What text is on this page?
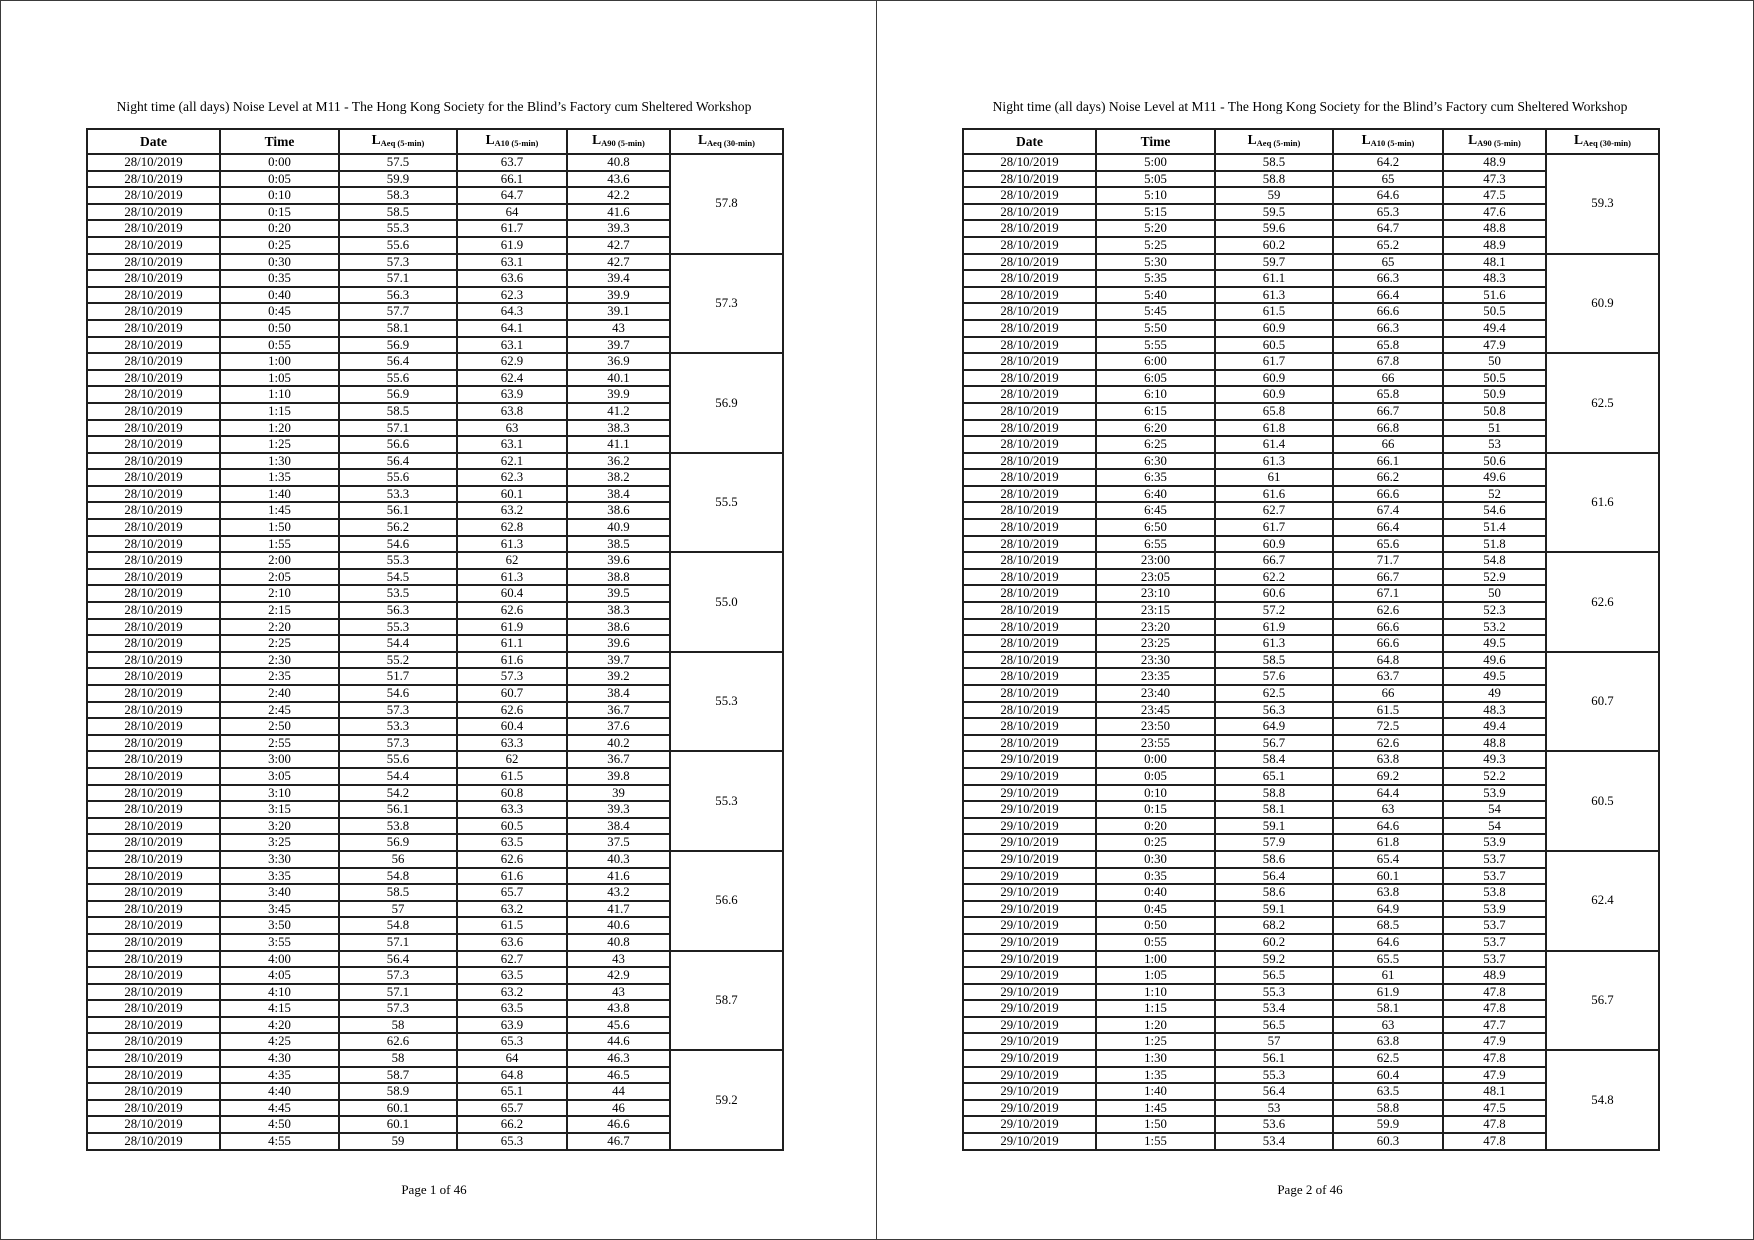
Night time (all days) Noise Level at M11 - The Hong Kong Society for the Blind’s Factory cum Sheltered Workshop
Date	Time	LAeq (5-min)	LA10 (5-min)	LA90 (5-min)	LAeq (30-min)
28/10/2019	0:00	57.5	63.7	40.8	57.8
28/10/2019	0:05	59.9	66.1	43.6	
28/10/2019	0:10	58.3	64.7	42.2	
28/10/2019	0:15	58.5	64	41.6	
28/10/2019	0:20	55.3	61.7	39.3	
28/10/2019	0:25	55.6	61.9	42.7	
28/10/2019	0:30	57.3	63.1	42.7	57.3
28/10/2019	0:35	57.1	63.6	39.4	
28/10/2019	0:40	56.3	62.3	39.9	
28/10/2019	0:45	57.7	64.3	39.1	
28/10/2019	0:50	58.1	64.1	43	
28/10/2019	0:55	56.9	63.1	39.7	
28/10/2019	1:00	56.4	62.9	36.9	56.9
28/10/2019	1:05	55.6	62.4	40.1	
28/10/2019	1:10	56.9	63.9	39.9	
28/10/2019	1:15	58.5	63.8	41.2	
28/10/2019	1:20	57.1	63	38.3	
28/10/2019	1:25	56.6	63.1	41.1	
28/10/2019	1:30	56.4	62.1	36.2	55.5
28/10/2019	1:35	55.6	62.3	38.2	
28/10/2019	1:40	53.3	60.1	38.4	
28/10/2019	1:45	56.1	63.2	38.6	
28/10/2019	1:50	56.2	62.8	40.9	
28/10/2019	1:55	54.6	61.3	38.5	
28/10/2019	2:00	55.3	62	39.6	55.0
28/10/2019	2:05	54.5	61.3	38.8	
28/10/2019	2:10	53.5	60.4	39.5	
28/10/2019	2:15	56.3	62.6	38.3	
28/10/2019	2:20	55.3	61.9	38.6	
28/10/2019	2:25	54.4	61.1	39.6	
28/10/2019	2:30	55.2	61.6	39.7	55.3
28/10/2019	2:35	51.7	57.3	39.2	
28/10/2019	2:40	54.6	60.7	38.4	
28/10/2019	2:45	57.3	62.6	36.7	
28/10/2019	2:50	53.3	60.4	37.6	
28/10/2019	2:55	57.3	63.3	40.2	
28/10/2019	3:00	55.6	62	36.7	55.3
28/10/2019	3:05	54.4	61.5	39.8	
28/10/2019	3:10	54.2	60.8	39	
28/10/2019	3:15	56.1	63.3	39.3	
28/10/2019	3:20	53.8	60.5	38.4	
28/10/2019	3:25	56.9	63.5	37.5	
28/10/2019	3:30	56	62.6	40.3	56.6
28/10/2019	3:35	54.8	61.6	41.6	
28/10/2019	3:40	58.5	65.7	43.2	
28/10/2019	3:45	57	63.2	41.7	
28/10/2019	3:50	54.8	61.5	40.6	
28/10/2019	3:55	57.1	63.6	40.8	
28/10/2019	4:00	56.4	62.7	43	58.7
28/10/2019	4:05	57.3	63.5	42.9	
28/10/2019	4:10	57.1	63.2	43	
28/10/2019	4:15	57.3	63.5	43.8	
28/10/2019	4:20	58	63.9	45.6	
28/10/2019	4:25	62.6	65.3	44.6	
28/10/2019	4:30	58	64	46.3	59.2
28/10/2019	4:35	58.7	64.8	46.5	
28/10/2019	4:40	58.9	65.1	44	
28/10/2019	4:45	60.1	65.7	46	
28/10/2019	4:50	60.1	66.2	46.6	
28/10/2019	4:55	59	65.3	46.7	
Page 1 of 46
Night time (all days) Noise Level at M11 - The Hong Kong Society for the Blind’s Factory cum Sheltered Workshop
Date	Time	LAeq (5-min)	LA10 (5-min)	LA90 (5-min)	LAeq (30-min)
28/10/2019	5:00	58.5	64.2	48.9	59.3
28/10/2019	5:05	58.8	65	47.3	
28/10/2019	5:10	59	64.6	47.5	
28/10/2019	5:15	59.5	65.3	47.6	
28/10/2019	5:20	59.6	64.7	48.8	
28/10/2019	5:25	60.2	65.2	48.9	
28/10/2019	5:30	59.7	65	48.1	60.9
28/10/2019	5:35	61.1	66.3	48.3	
28/10/2019	5:40	61.3	66.4	51.6	
28/10/2019	5:45	61.5	66.6	50.5	
28/10/2019	5:50	60.9	66.3	49.4	
28/10/2019	5:55	60.5	65.8	47.9	
28/10/2019	6:00	61.7	67.8	50	62.5
28/10/2019	6:05	60.9	66	50.5	
28/10/2019	6:10	60.9	65.8	50.9	
28/10/2019	6:15	65.8	66.7	50.8	
28/10/2019	6:20	61.8	66.8	51	
28/10/2019	6:25	61.4	66	53	
28/10/2019	6:30	61.3	66.1	50.6	61.6
28/10/2019	6:35	61	66.2	49.6	
28/10/2019	6:40	61.6	66.6	52	
28/10/2019	6:45	62.7	67.4	54.6	
28/10/2019	6:50	61.7	66.4	51.4	
28/10/2019	6:55	60.9	65.6	51.8	
28/10/2019	23:00	66.7	71.7	54.8	62.6
28/10/2019	23:05	62.2	66.7	52.9	
28/10/2019	23:10	60.6	67.1	50	
28/10/2019	23:15	57.2	62.6	52.3	
28/10/2019	23:20	61.9	66.6	53.2	
28/10/2019	23:25	61.3	66.6	49.5	
28/10/2019	23:30	58.5	64.8	49.6	60.7
28/10/2019	23:35	57.6	63.7	49.5	
28/10/2019	23:40	62.5	66	49	
28/10/2019	23:45	56.3	61.5	48.3	
28/10/2019	23:50	64.9	72.5	49.4	
28/10/2019	23:55	56.7	62.6	48.8	
29/10/2019	0:00	58.4	63.8	49.3	60.5
29/10/2019	0:05	65.1	69.2	52.2	
29/10/2019	0:10	58.8	64.4	53.9	
29/10/2019	0:15	58.1	63	54	
29/10/2019	0:20	59.1	64.6	54	
29/10/2019	0:25	57.9	61.8	53.9	
29/10/2019	0:30	58.6	65.4	53.7	62.4
29/10/2019	0:35	56.4	60.1	53.7	
29/10/2019	0:40	58.6	63.8	53.8	
29/10/2019	0:45	59.1	64.9	53.9	
29/10/2019	0:50	68.2	68.5	53.7	
29/10/2019	0:55	60.2	64.6	53.7	
29/10/2019	1:00	59.2	65.5	53.7	56.7
29/10/2019	1:05	56.5	61	48.9	
29/10/2019	1:10	55.3	61.9	47.8	
29/10/2019	1:15	53.4	58.1	47.8	
29/10/2019	1:20	56.5	63	47.7	
29/10/2019	1:25	57	63.8	47.9	
29/10/2019	1:30	56.1	62.5	47.8	54.8
29/10/2019	1:35	55.3	60.4	47.9	
29/10/2019	1:40	56.4	63.5	48.1	
29/10/2019	1:45	53	58.8	47.5	
29/10/2019	1:50	53.6	59.9	47.8	
29/10/2019	1:55	53.4	60.3	47.8	
Page 2 of 46
